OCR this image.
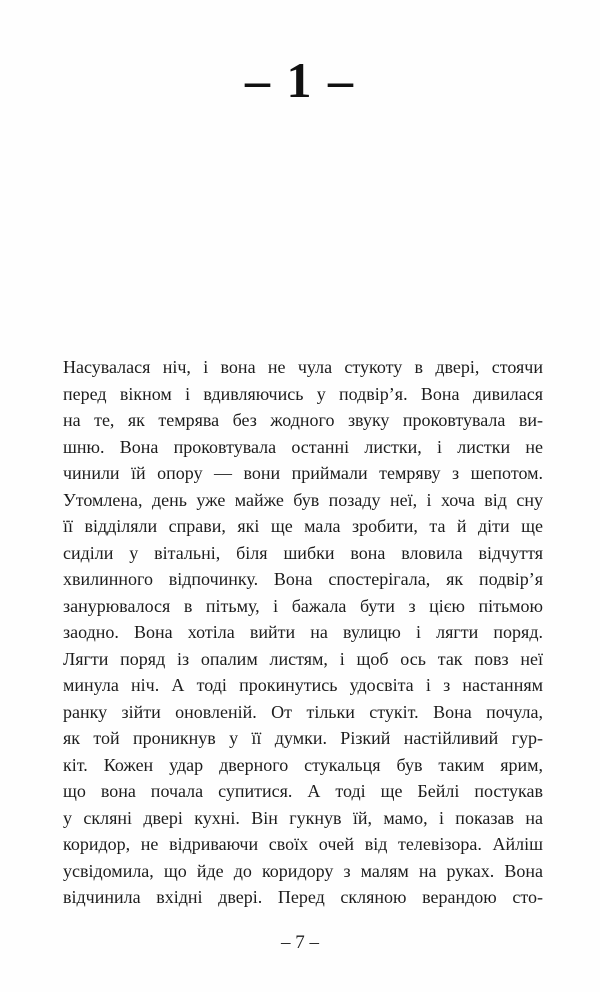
– 1 –
Насувалася ніч, і вона не чула стукоту в двері, стоячи
перед вікном і вдивляючись у подвір’я. Вона дивилася
на те, як темрява без жодного звуку проковтувала ви-
шню. Вона проковтувала останні листки, і листки не
чинили їй опору — вони приймали темряву з шепотом.
Утомлена, день уже майже був позаду неї, і хоча від сну
її відділяли справи, які ще мала зробити, та й діти ще
сиділи у вітальні, біля шибки вона вловила відчуття
хвилинного відпочинку. Вона спостерігала, як подвір’я
занурювалося в пітьму, і бажала бути з цією пітьмою
заодно. Вона хотіла вийти на вулицю і лягти поряд.
Лягти поряд із опалим листям, і щоб ось так повз неї
минула ніч. А тоді прокинутись удосвіта і з настанням
ранку зійти оновленій. От тільки стукіт. Вона почула,
як той проникнув у її думки. Різкий настійливий гур-
кіт. Кожен удар дверного стукальця був таким ярим,
що вона почала супитися. А тоді ще Бейлі постукав
у скляні двері кухні. Він гукнув їй, мамо, і показав на
коридор, не відриваючи своїх очей від телевізора. Айліш
усвідомила, що йде до коридору з малям на руках. Вона
відчинила вхідні двері. Перед скляною верандою сто-
– 7 –
